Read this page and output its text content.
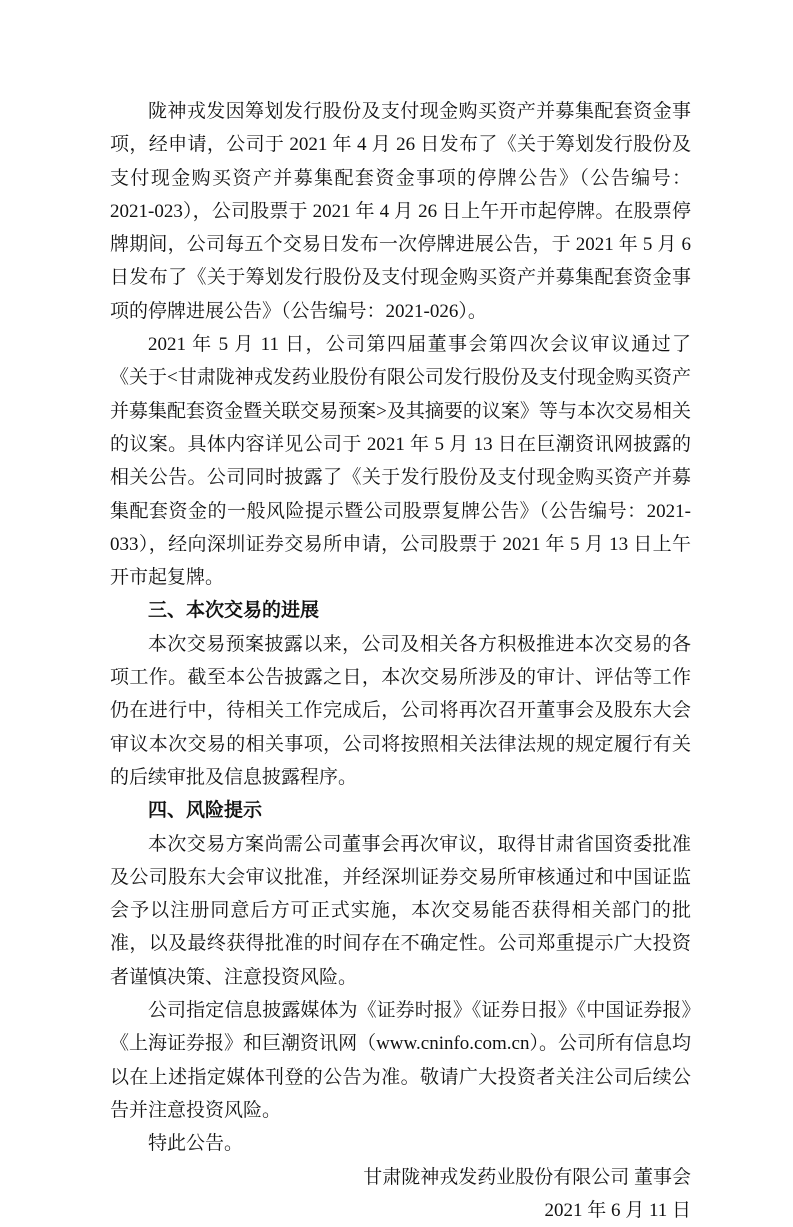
陇神戎发因筹划发行股份及支付现金购买资产并募集配套资金事项，经申请，公司于 2021 年 4 月 26 日发布了《关于筹划发行股份及支付现金购买资产并募集配套资金事项的停牌公告》（公告编号：2021-023），公司股票于 2021 年 4 月 26 日上午开市起停牌。在股票停牌期间，公司每五个交易日发布一次停牌进展公告，于 2021 年 5 月 6 日发布了《关于筹划发行股份及支付现金购买资产并募集配套资金事项的停牌进展公告》（公告编号：2021-026）。

2021 年 5 月 11 日，公司第四届董事会第四次会议审议通过了《关于<甘肃陇神戎发药业股份有限公司发行股份及支付现金购买资产并募集配套资金暨关联交易预案>及其摘要的议案》等与本次交易相关的议案。具体内容详见公司于 2021 年 5 月 13 日在巨潮资讯网披露的相关公告。公司同时披露了《关于发行股份及支付现金购买资产并募集配套资金的一般风险提示暨公司股票复牌公告》（公告编号：2021-033），经向深圳证券交易所申请，公司股票于 2021 年 5 月 13 日上午开市起复牌。

三、本次交易的进展

本次交易预案披露以来，公司及相关各方积极推进本次交易的各项工作。截至本公告披露之日，本次交易所涉及的审计、评估等工作仍在进行中，待相关工作完成后，公司将再次召开董事会及股东大会审议本次交易的相关事项，公司将按照相关法律法规的规定履行有关的后续审批及信息披露程序。

四、风险提示

本次交易方案尚需公司董事会再次审议，取得甘肃省国资委批准及公司股东大会审议批准，并经深圳证券交易所审核通过和中国证监会予以注册同意后方可正式实施，本次交易能否获得相关部门的批准，以及最终获得批准的时间存在不确定性。公司郑重提示广大投资者谨慎决策、注意投资风险。

公司指定信息披露媒体为《证券时报》《证券日报》《中国证券报》《上海证券报》和巨潮资讯网（www.cninfo.com.cn）。公司所有信息均以在上述指定媒体刊登的公告为准。敬请广大投资者关注公司后续公告并注意投资风险。

特此公告。

甘肃陇神戎发药业股份有限公司 董事会

2021 年 6 月 11 日
